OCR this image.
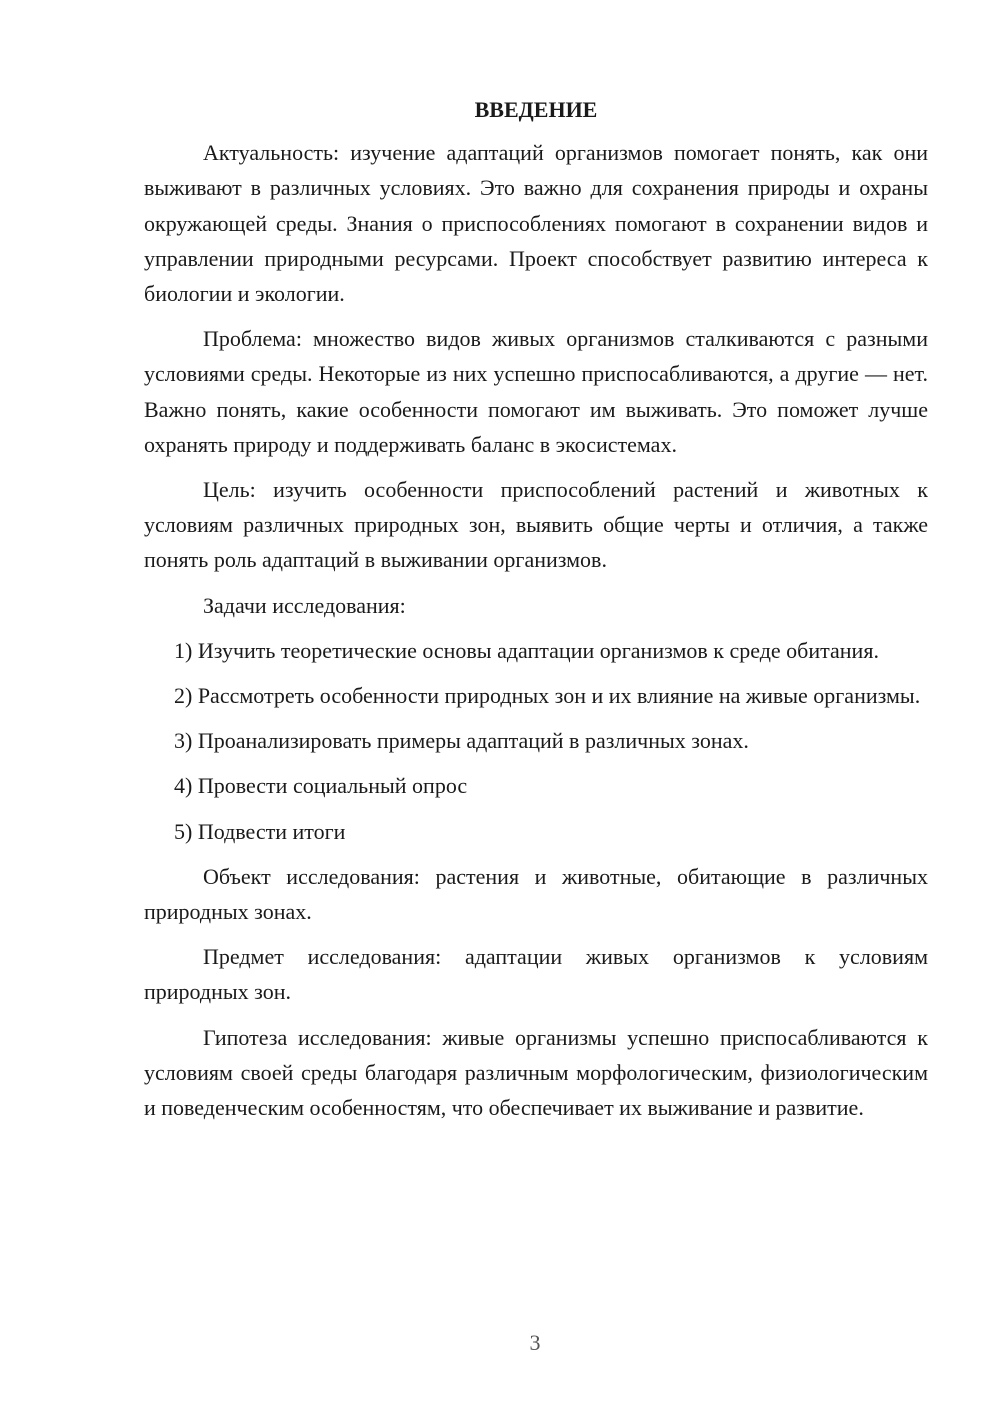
ВВЕДЕНИЕ

Актуальность: изучение адаптаций организмов помогает понять, как они выживают в различных условиях. Это важно для сохранения природы и охраны окружающей среды. Знания о приспособлениях помогают в сохранении видов и управлении природными ресурсами. Проект способствует развитию интереса к биологии и экологии.

Проблема: множество видов живых организмов сталкиваются с разными условиями среды. Некоторые из них успешно приспосабливаются, а другие — нет. Важно понять, какие особенности помогают им выживать. Это поможет лучше охранять природу и поддерживать баланс в экосистемах.

Цель: изучить особенности приспособлений растений и животных к условиям различных природных зон, выявить общие черты и отличия, а также понять роль адаптаций в выживании организмов.

Задачи исследования:

1) Изучить теоретические основы адаптации организмов к среде обитания.

2) Рассмотреть особенности природных зон и их влияние на живые организмы.

3) Проанализировать примеры адаптаций в различных зонах.

4) Провести социальный опрос

5) Подвести итоги

Объект исследования: растения и животные, обитающие в различных природных зонах.

Предмет исследования: адаптации живых организмов к условиям природных зон.

Гипотеза исследования: живые организмы успешно приспосабливаются к условиям своей среды благодаря различным морфологическим, физиологическим и поведенческим особенностям, что обеспечивает их выживание и развитие.

3
